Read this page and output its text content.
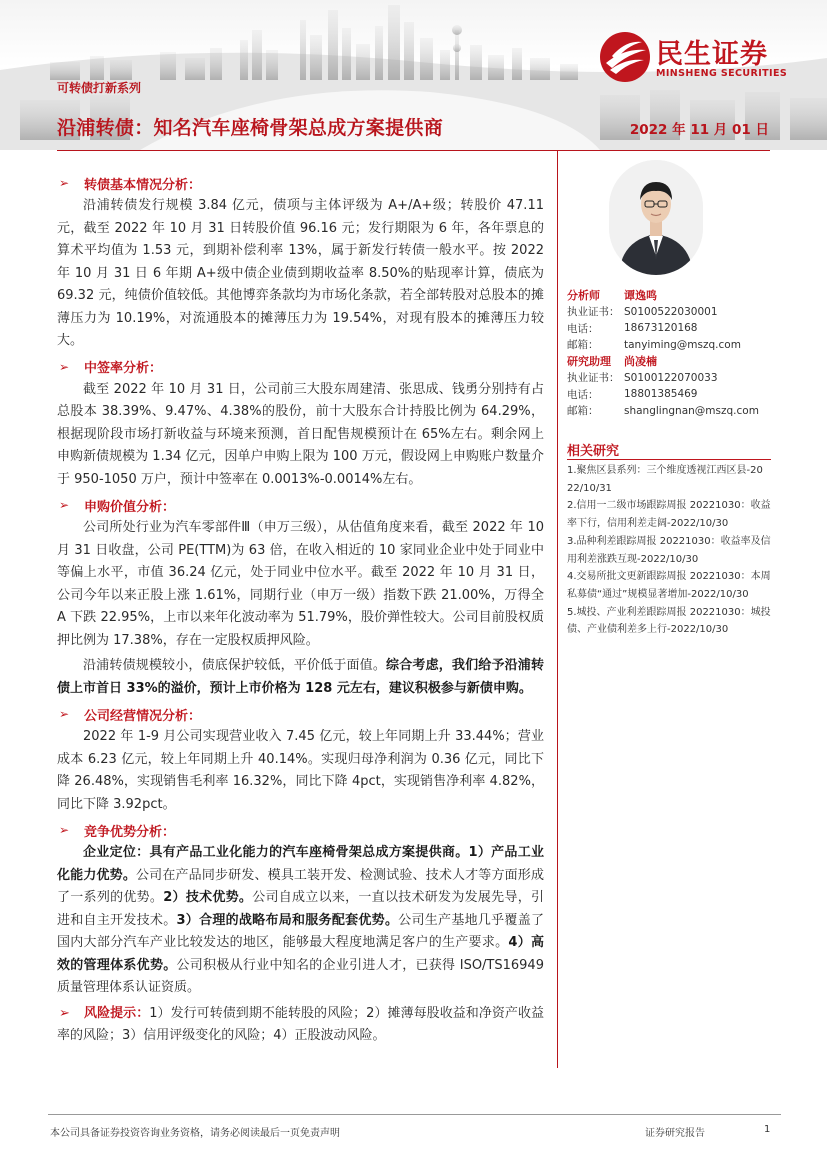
民生证券
MINSHENG SECURITIES
可转债打新系列
沿浦转债：知名汽车座椅骨架总成方案提供商	2022 年 11 月 01 日
➢	转债基本情况分析：

沿浦转债发行规模 3.84 亿元，债项与主体评级为 A+/A+级；转股价 47.11 元，截至 2022 年 10 月 31 日转股价值 96.16 元；发行期限为 6 年，各年票息的算术平均值为 1.53 元，到期补偿利率 13%，属于新发行转债一般水平。按 2022 年 10 月 31 日 6 年期 A+级中债企业债到期收益率 8.50%的贴现率计算，债底为 69.32 元，纯债价值较低。其他博弈条款均为市场化条款，若全部转股对总股本的摊薄压力为 10.19%，对流通股本的摊薄压力为 19.54%，对现有股本的摊薄压力较大。

➢	中签率分析：

截至 2022 年 10 月 31 日，公司前三大股东周建清、张思成、钱勇分别持有占总股本 38.39%、9.47%、4.38%的股份，前十大股东合计持股比例为 64.29%，根据现阶段市场打新收益与环境来预测，首日配售规模预计在 65%左右。剩余网上申购新债规模为 1.34 亿元，因单户申购上限为 100 万元，假设网上申购账户数量介于 950-1050 万户，预计中签率在 0.0013%-0.0014%左右。

➢	申购价值分析：

公司所处行业为汽车零部件Ⅲ（申万三级），从估值角度来看，截至 2022 年 10 月 31 日收盘，公司 PE(TTM)为 63 倍，在收入相近的 10 家同业企业中处于同业中等偏上水平，市值 36.24 亿元，处于同业中位水平。截至 2022 年 10 月 31 日，公司今年以来正股上涨 1.61%，同期行业（申万一级）指数下跌 21.00%，万得全 A 下跌 22.95%，上市以来年化波动率为 51.79%，股价弹性较大。公司目前股权质押比例为 17.38%，存在一定股权质押风险。

沿浦转债规模较小，债底保护较低，平价低于面值。综合考虑，我们给予沿浦转债上市首日 33%的溢价，预计上市价格为 128 元左右，建议积极参与新债申购。

➢	公司经营情况分析：

2022 年 1-9 月公司实现营业收入 7.45 亿元，较上年同期上升 33.44%；营业成本 6.23 亿元，较上年同期上升 40.14%。实现归母净利润为 0.36 亿元，同比下降 26.48%，实现销售毛利率 16.32%，同比下降 4pct，实现销售净利率 4.82%，同比下降 3.92pct。

➢	竞争优势分析：

企业定位：具有产品工业化能力的汽车座椅骨架总成方案提供商。1）产品工业化能力优势。公司在产品同步研发、模具工装开发、检测试验、技术人才等方面形成了一系列的优势。2）技术优势。公司自成立以来，一直以技术研发为发展先导，引进和自主开发技术。3）合理的战略布局和服务配套优势。公司生产基地几乎覆盖了国内大部分汽车产业比较发达的地区，能够最大程度地满足客户的生产要求。4）高效的管理体系优势。公司积极从行业中知名的企业引进人才，已获得 ISO/TS16949 质量管理体系认证资质。

➢ 风险提示：1）发行可转债到期不能转股的风险；2）摊薄每股收益和净资产收益率的风险；3）信用评级变化的风险；4）正股波动风险。

分析师	谭逸鸣
执业证书： S0100522030001
电话：	18673120168
邮箱：	tanyiming@mszq.com
研究助理	尚凌楠
执业证书： S0100122070033
电话：	18801385469
邮箱：	shanglingnan@mszq.com
相关研究
1.聚焦区县系列：三个维度透视江西区县-20 22/10/31
2.信用一二级市场跟踪周报 20221030：收益率下行，信用利差走阔-2022/10/30
3.品种利差跟踪周报 20221030：收益率及信用利差涨跌互现-2022/10/30
4.交易所批文更新跟踪周报 20221030：本周私募债“通过”规模显著增加-2022/10/30
5.城投、产业利差跟踪周报 20221030：城投债、产业债利差多上行-2022/10/30
本公司具备证券投资咨询业务资格，请务必阅读最后一页免责声明	证券研究报告	1
